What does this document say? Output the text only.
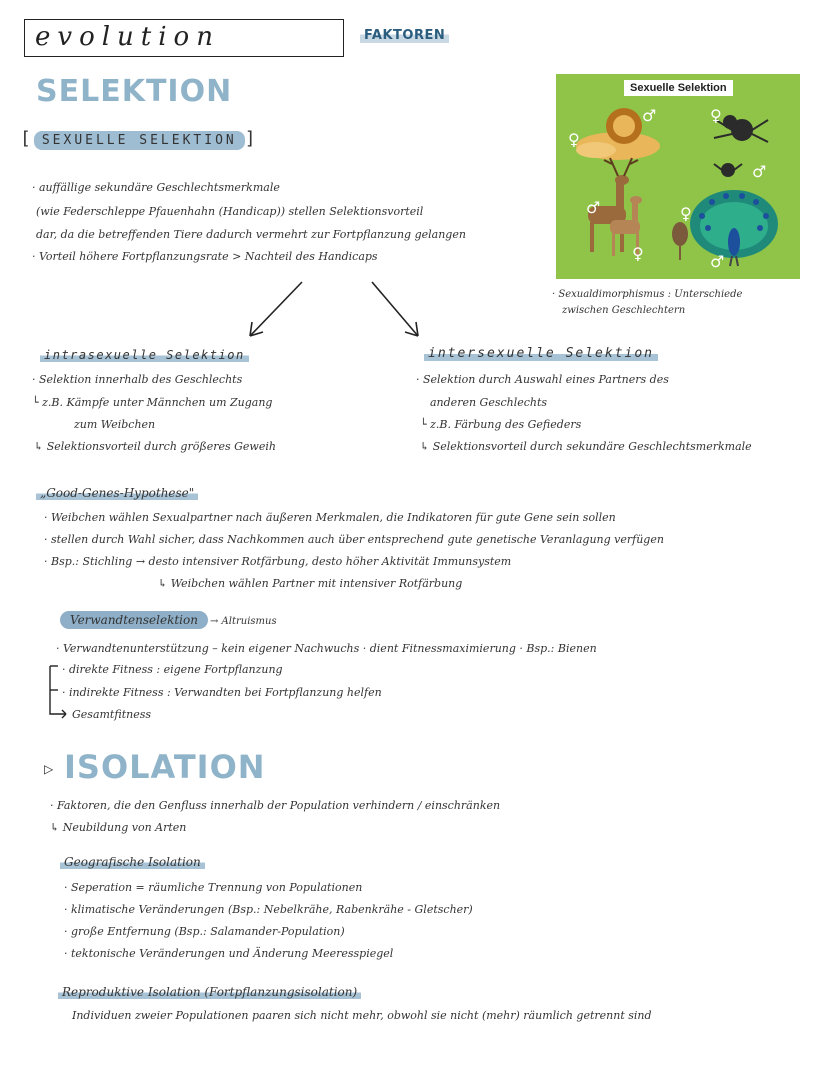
evolution	FAKTOREN
SELEKTION
[ SEXUELLE SELEKTION ]
· auffällige sekundäre Geschlechtsmerkmale
(wie Federschleppe Pfauenhahn (Handicap)) stellen Selektionsvorteil
dar, da die betreffenden Tiere dadurch vermehrt zur Fortpflanzung gelangen
· Vorteil höhere Fortpflanzungsrate > Nachteil des Handicaps
Sexuelle Selektion
♀
♂	♀
♂
♂
♀
♀
♂
· Sexualdimorphismus : Unterschiede
zwischen Geschlechtern
intrasexuelle Selektion
· Selektion innerhalb des Geschlechts
└ z.B. Kämpfe unter Männchen um Zugang
zum Weibchen
↳ Selektionsvorteil durch größeres Geweih
intersexuelle Selektion
· Selektion durch Auswahl eines Partners des
anderen Geschlechts
└ z.B. Färbung des Gefieders
↳ Selektionsvorteil durch sekundäre Geschlechtsmerkmale
„Good-Genes-Hypothese"
· Weibchen wählen Sexualpartner nach äußeren Merkmalen, die Indikatoren für gute Gene sein sollen
· stellen durch Wahl sicher, dass Nachkommen auch über entsprechend gute genetische Veranlagung verfügen
· Bsp.: Stichling → desto intensiver Rotfärbung, desto höher Aktivität Immunsystem
↳ Weibchen wählen Partner mit intensiver Rotfärbung
Verwandtenselektion	→ Altruismus
· Verwandtenunterstützung – kein eigener Nachwuchs · dient Fitnessmaximierung · Bsp.: Bienen
· direkte Fitness : eigene Fortpflanzung
· indirekte Fitness : Verwandten bei Fortpflanzung helfen
Gesamtfitness
▷ ISOLATION
· Faktoren, die den Genfluss innerhalb der Population verhindern / einschränken
↳ Neubildung von Arten
Geografische Isolation
· Seperation = räumliche Trennung von Populationen
· klimatische Veränderungen (Bsp.: Nebelkrähe, Rabenkrähe - Gletscher)
· große Entfernung (Bsp.: Salamander-Population)
· tektonische Veränderungen und Änderung Meeresspiegel
Reproduktive Isolation (Fortpflanzungsisolation)
Individuen zweier Populationen paaren sich nicht mehr, obwohl sie nicht (mehr) räumlich getrennt sind
